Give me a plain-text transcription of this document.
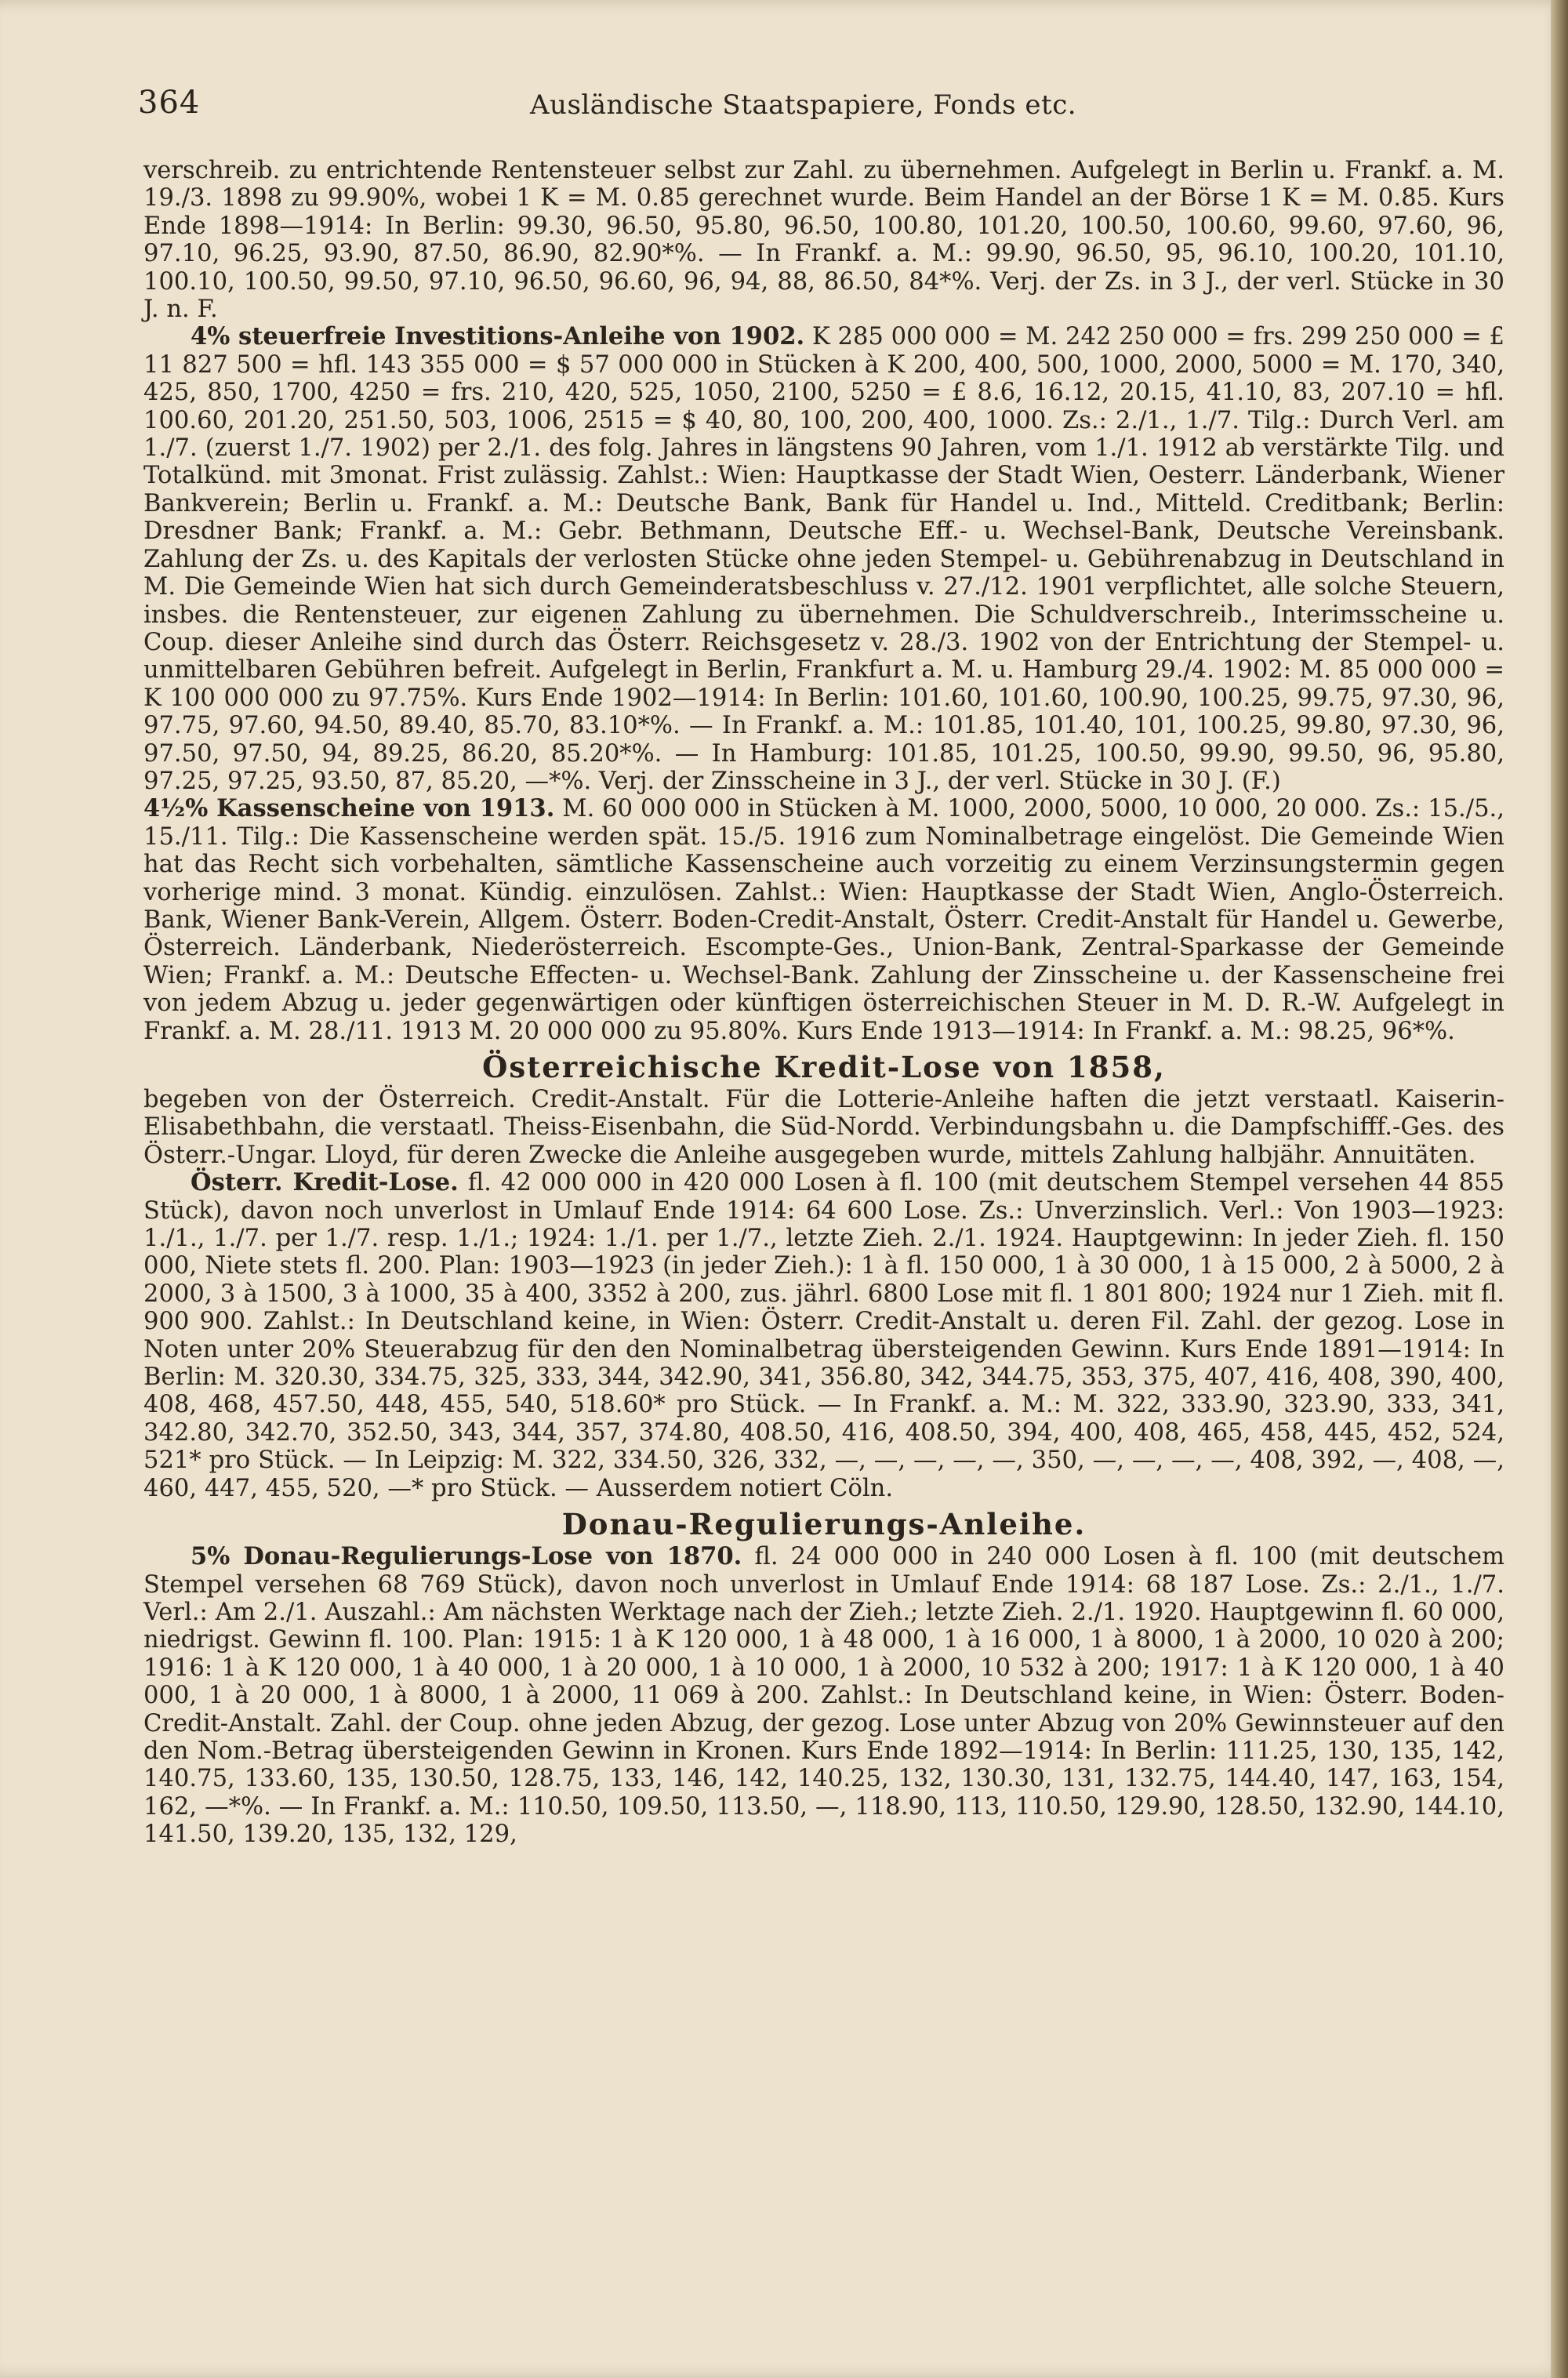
364	Ausländische Staatspapiere, Fonds etc.

verschreib. zu entrichtende Rentensteuer selbst zur Zahl. zu übernehmen. Aufgelegt in Berlin u. Frankf. a. M. 19./3. 1898 zu 99.90%, wobei 1 K = M. 0.85 gerechnet wurde. Beim Handel an der Börse 1 K = M. 0.85. Kurs Ende 1898—1914: In Berlin: 99.30, 96.50, 95.80, 96.50, 100.80, 101.20, 100.50, 100.60, 99.60, 97.60, 96, 97.10, 96.25, 93.90, 87.50, 86.90, 82.90*%. — In Frankf. a. M.: 99.90, 96.50, 95, 96.10, 100.20, 101.10, 100.10, 100.50, 99.50, 97.10, 96.50, 96.60, 96, 94, 88, 86.50, 84*%. Verj. der Zs. in 3 J., der verl. Stücke in 30 J. n. F.

4% steuerfreie Investitions-Anleihe von 1902. K 285 000 000 = M. 242 250 000 = frs. 299 250 000 = £ 11 827 500 = hfl. 143 355 000 = $ 57 000 000 in Stücken à K 200, 400, 500, 1000, 2000, 5000 = M. 170, 340, 425, 850, 1700, 4250 = frs. 210, 420, 525, 1050, 2100, 5250 = £ 8.6, 16.12, 20.15, 41.10, 83, 207.10 = hfl. 100.60, 201.20, 251.50, 503, 1006, 2515 = $ 40, 80, 100, 200, 400, 1000. Zs.: 2./1., 1./7. Tilg.: Durch Verl. am 1./7. (zuerst 1./7. 1902) per 2./1. des folg. Jahres in längstens 90 Jahren, vom 1./1. 1912 ab verstärkte Tilg. und Totalkünd. mit 3monat. Frist zulässig. Zahlst.: Wien: Hauptkasse der Stadt Wien, Oesterr. Länderbank, Wiener Bankverein; Berlin u. Frankf. a. M.: Deutsche Bank, Bank für Handel u. Ind., Mitteld. Creditbank; Berlin: Dresdner Bank; Frankf. a. M.: Gebr. Bethmann, Deutsche Eff.- u. Wechsel-Bank, Deutsche Vereinsbank. Zahlung der Zs. u. des Kapitals der verlosten Stücke ohne jeden Stempel- u. Gebührenabzug in Deutschland in M. Die Gemeinde Wien hat sich durch Gemeinderatsbeschluss v. 27./12. 1901 verpflichtet, alle solche Steuern, insbes. die Rentensteuer, zur eigenen Zahlung zu übernehmen. Die Schuldverschreib., Interimsscheine u. Coup. dieser Anleihe sind durch das Österr. Reichsgesetz v. 28./3. 1902 von der Entrichtung der Stempel- u. unmittelbaren Gebühren befreit. Aufgelegt in Berlin, Frankfurt a. M. u. Hamburg 29./4. 1902: M. 85 000 000 = K 100 000 000 zu 97.75%. Kurs Ende 1902—1914: In Berlin: 101.60, 101.60, 100.90, 100.25, 99.75, 97.30, 96, 97.75, 97.60, 94.50, 89.40, 85.70, 83.10*%. — In Frankf. a. M.: 101.85, 101.40, 101, 100.25, 99.80, 97.30, 96, 97.50, 97.50, 94, 89.25, 86.20, 85.20*%. — In Hamburg: 101.85, 101.25, 100.50, 99.90, 99.50, 96, 95.80, 97.25, 97.25, 93.50, 87, 85.20, —*%. Verj. der Zinsscheine in 3 J., der verl. Stücke in 30 J. (F.)

4½% Kassenscheine von 1913. M. 60 000 000 in Stücken à M. 1000, 2000, 5000, 10 000, 20 000. Zs.: 15./5., 15./11. Tilg.: Die Kassenscheine werden spät. 15./5. 1916 zum Nominalbetrage eingelöst. Die Gemeinde Wien hat das Recht sich vorbehalten, sämtliche Kassenscheine auch vorzeitig zu einem Verzinsungstermin gegen vorherige mind. 3 monat. Kündig. einzulösen. Zahlst.: Wien: Hauptkasse der Stadt Wien, Anglo-Österreich. Bank, Wiener Bank-Verein, Allgem. Österr. Boden-Credit-Anstalt, Österr. Credit-Anstalt für Handel u. Gewerbe, Österreich. Länderbank, Niederösterreich. Escompte-Ges., Union-Bank, Zentral-Sparkasse der Gemeinde Wien; Frankf. a. M.: Deutsche Effecten- u. Wechsel-Bank. Zahlung der Zinsscheine u. der Kassenscheine frei von jedem Abzug u. jeder gegenwärtigen oder künftigen österreichischen Steuer in M. D. R.-W. Aufgelegt in Frankf. a. M. 28./11. 1913 M. 20 000 000 zu 95.80%. Kurs Ende 1913—1914: In Frankf. a. M.: 98.25, 96*%.

Österreichische Kredit-Lose von 1858,

begeben von der Österreich. Credit-Anstalt. Für die Lotterie-Anleihe haften die jetzt verstaatl. Kaiserin-Elisabethbahn, die verstaatl. Theiss-Eisenbahn, die Süd-Nordd. Verbindungsbahn u. die Dampfschifff.-Ges. des Österr.-Ungar. Lloyd, für deren Zwecke die Anleihe ausgegeben wurde, mittels Zahlung halbjähr. Annuitäten.

Österr. Kredit-Lose. fl. 42 000 000 in 420 000 Losen à fl. 100 (mit deutschem Stempel versehen 44 855 Stück), davon noch unverlost in Umlauf Ende 1914: 64 600 Lose. Zs.: Unverzinslich. Verl.: Von 1903—1923: 1./1., 1./7. per 1./7. resp. 1./1.; 1924: 1./1. per 1./7., letzte Zieh. 2./1. 1924. Hauptgewinn: In jeder Zieh. fl. 150 000, Niete stets fl. 200. Plan: 1903—1923 (in jeder Zieh.): 1 à fl. 150 000, 1 à 30 000, 1 à 15 000, 2 à 5000, 2 à 2000, 3 à 1500, 3 à 1000, 35 à 400, 3352 à 200, zus. jährl. 6800 Lose mit fl. 1 801 800; 1924 nur 1 Zieh. mit fl. 900 900. Zahlst.: In Deutschland keine, in Wien: Österr. Credit-Anstalt u. deren Fil. Zahl. der gezog. Lose in Noten unter 20% Steuerabzug für den den Nominalbetrag übersteigenden Gewinn. Kurs Ende 1891—1914: In Berlin: M. 320.30, 334.75, 325, 333, 344, 342.90, 341, 356.80, 342, 344.75, 353, 375, 407, 416, 408, 390, 400, 408, 468, 457.50, 448, 455, 540, 518.60* pro Stück. — In Frankf. a. M.: M. 322, 333.90, 323.90, 333, 341, 342.80, 342.70, 352.50, 343, 344, 357, 374.80, 408.50, 416, 408.50, 394, 400, 408, 465, 458, 445, 452, 524, 521* pro Stück. — In Leipzig: M. 322, 334.50, 326, 332, —, —, —, —, —, 350, —, —, —, —, 408, 392, —, 408, —, 460, 447, 455, 520, —* pro Stück. — Ausserdem notiert Cöln.

Donau-Regulierungs-Anleihe.

5% Donau-Regulierungs-Lose von 1870. fl. 24 000 000 in 240 000 Losen à fl. 100 (mit deutschem Stempel versehen 68 769 Stück), davon noch unverlost in Umlauf Ende 1914: 68 187 Lose. Zs.: 2./1., 1./7. Verl.: Am 2./1. Auszahl.: Am nächsten Werktage nach der Zieh.; letzte Zieh. 2./1. 1920. Hauptgewinn fl. 60 000, niedrigst. Gewinn fl. 100. Plan: 1915: 1 à K 120 000, 1 à 48 000, 1 à 16 000, 1 à 8000, 1 à 2000, 10 020 à 200; 1916: 1 à K 120 000, 1 à 40 000, 1 à 20 000, 1 à 10 000, 1 à 2000, 10 532 à 200; 1917: 1 à K 120 000, 1 à 40 000, 1 à 20 000, 1 à 8000, 1 à 2000, 11 069 à 200. Zahlst.: In Deutschland keine, in Wien: Österr. Boden-Credit-Anstalt. Zahl. der Coup. ohne jeden Abzug, der gezog. Lose unter Abzug von 20% Gewinnsteuer auf den den Nom.-Betrag übersteigenden Gewinn in Kronen. Kurs Ende 1892—1914: In Berlin: 111.25, 130, 135, 142, 140.75, 133.60, 135, 130.50, 128.75, 133, 146, 142, 140.25, 132, 130.30, 131, 132.75, 144.40, 147, 163, 154, 162, —*%. — In Frankf. a. M.: 110.50, 109.50, 113.50, —, 118.90, 113, 110.50, 129.90, 128.50, 132.90, 144.10, 141.50, 139.20, 135, 132, 129,
